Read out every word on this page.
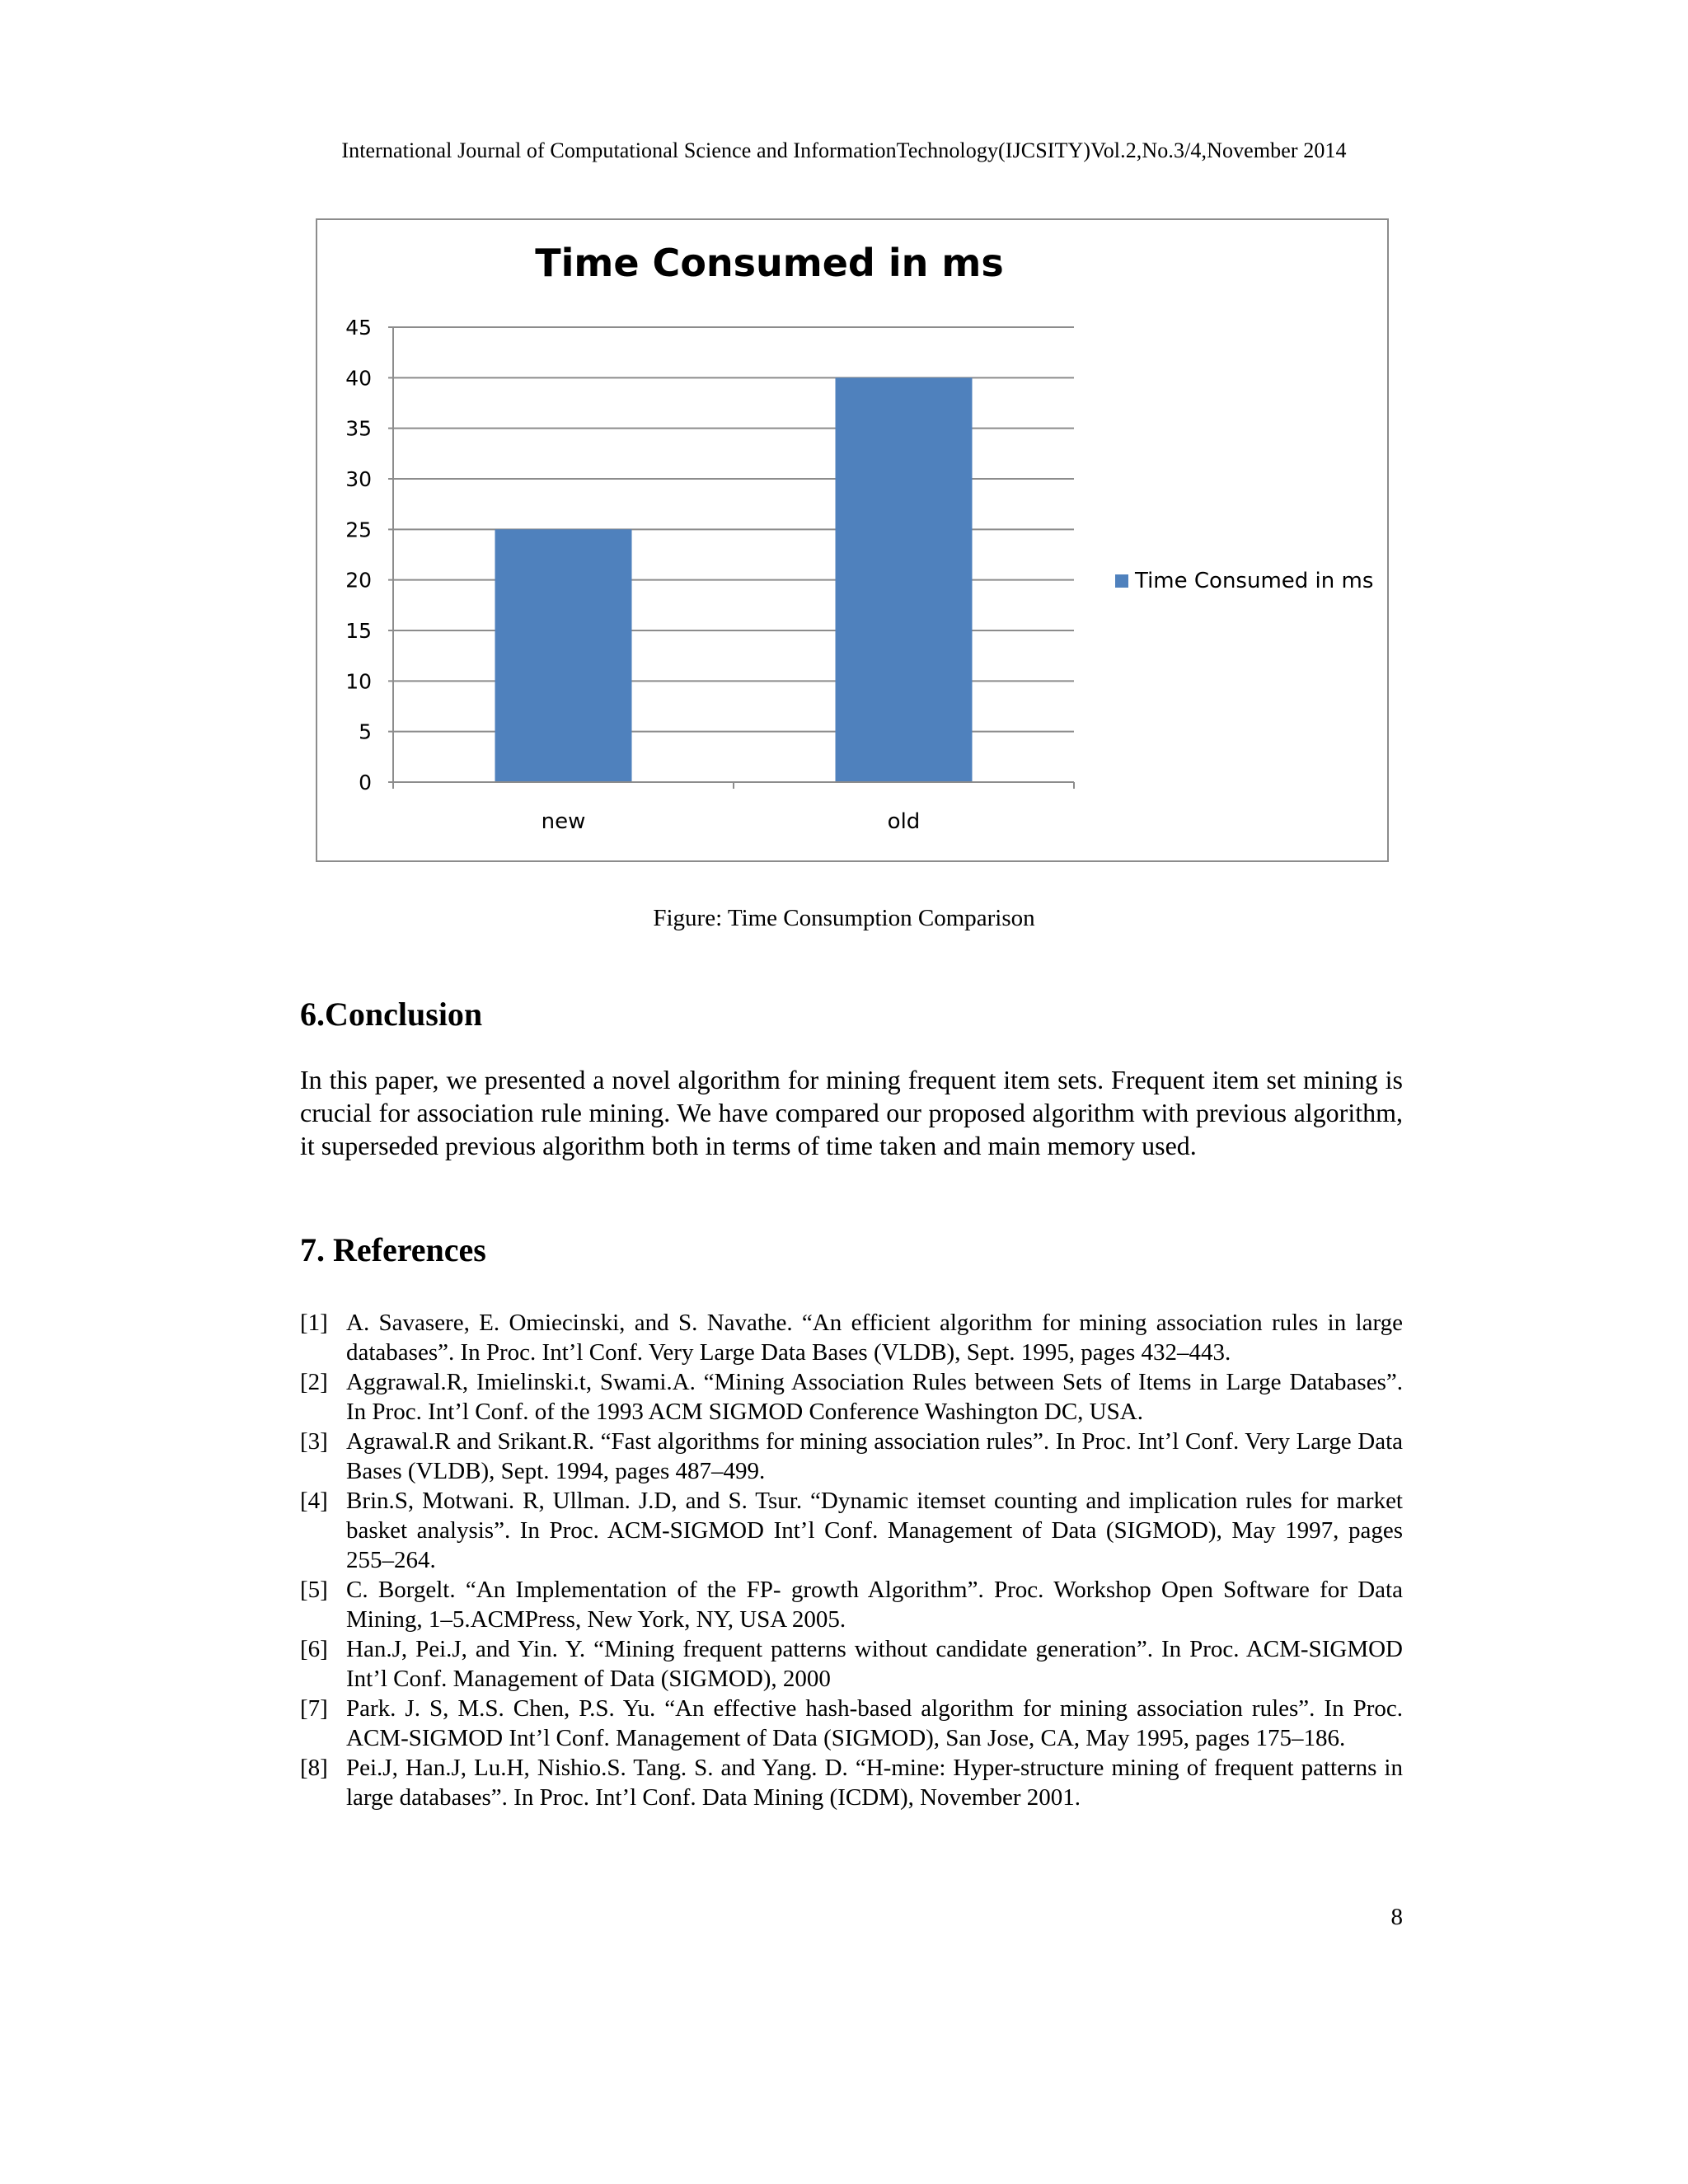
International Journal of Computational Science and InformationTechnology(IJCSITY)Vol.2,No.3/4,November 2014
Time Consumed in ms
0
5
10
15
20
25
30
35
40
45
new	old
Time Consumed in ms
Figure: Time Consumption Comparison
6.Conclusion

In this paper, we presented a novel algorithm for mining frequent item sets. Frequent item set mining is crucial for association rule mining. We have compared our proposed algorithm with previous algorithm, it superseded previous algorithm both in terms of time taken and main memory used.

7. References
[1] A. Savasere, E. Omiecinski, and S. Navathe. “An efficient algorithm for mining association rules in large databases”. In Proc. Int’l Conf. Very Large Data Bases (VLDB), Sept. 1995, pages 432–443.
[2] Aggrawal.R, Imielinski.t, Swami.A. “Mining Association Rules between Sets of Items in Large Databases”. In Proc. Int’l Conf. of the 1993 ACM SIGMOD Conference Washington DC, USA.
[3] Agrawal.R and Srikant.R. “Fast algorithms for mining association rules”. In Proc. Int’l Conf. Very Large Data Bases (VLDB), Sept. 1994, pages 487–499.
[4] Brin.S, Motwani. R, Ullman. J.D, and S. Tsur. “Dynamic itemset counting and implication rules for market basket analysis”. In Proc. ACM-SIGMOD Int’l Conf. Management of Data (SIGMOD), May 1997, pages 255–264.
[5] C. Borgelt. “An Implementation of the FP- growth Algorithm”. Proc. Workshop Open Software for Data Mining, 1–5.ACMPress, New York, NY, USA 2005.
[6] Han.J, Pei.J, and Yin. Y. “Mining frequent patterns without candidate generation”. In Proc. ACM-SIGMOD Int’l Conf. Management of Data (SIGMOD), 2000
[7] Park. J. S, M.S. Chen, P.S. Yu. “An effective hash-based algorithm for mining association rules”. In Proc. ACM-SIGMOD Int’l Conf. Management of Data (SIGMOD), San Jose, CA, May 1995, pages 175–186.
[8] Pei.J, Han.J, Lu.H, Nishio.S. Tang. S. and Yang. D. “H-mine: Hyper-structure mining of frequent patterns in large databases”. In Proc. Int’l Conf. Data Mining (ICDM), November 2001.
8
